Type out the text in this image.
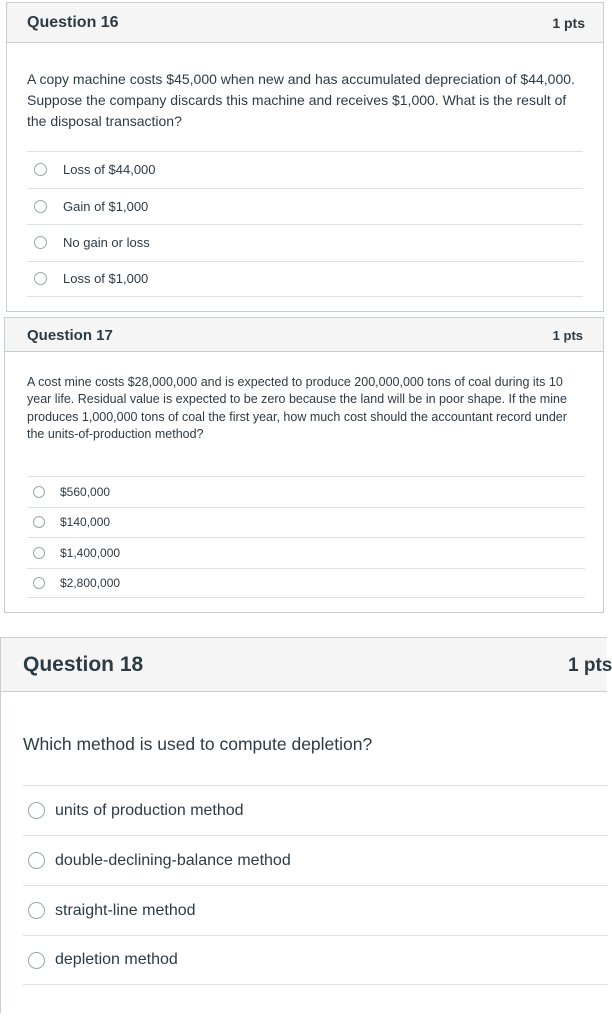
Question 16	1 pts

A copy machine costs $45,000 when new and has accumulated depreciation of $44,000. Suppose the company discards this machine and receives $1,000. What is the result of the disposal transaction?

Loss of $44,000
Gain of $1,000
No gain or loss
Loss of $1,000
Question 17	1 pts

A cost mine costs $28,000,000 and is expected to produce 200,000,000 tons of coal during its 10 year life. Residual value is expected to be zero because the land will be in poor shape. If the mine produces 1,000,000 tons of coal the first year, how much cost should the accountant record under the units-of-production method?

$560,000
$140,000
$1,400,000
$2,800,000
Question 18	1 pts

Which method is used to compute depletion?

units of production method
double-declining-balance method
straight-line method
depletion method
